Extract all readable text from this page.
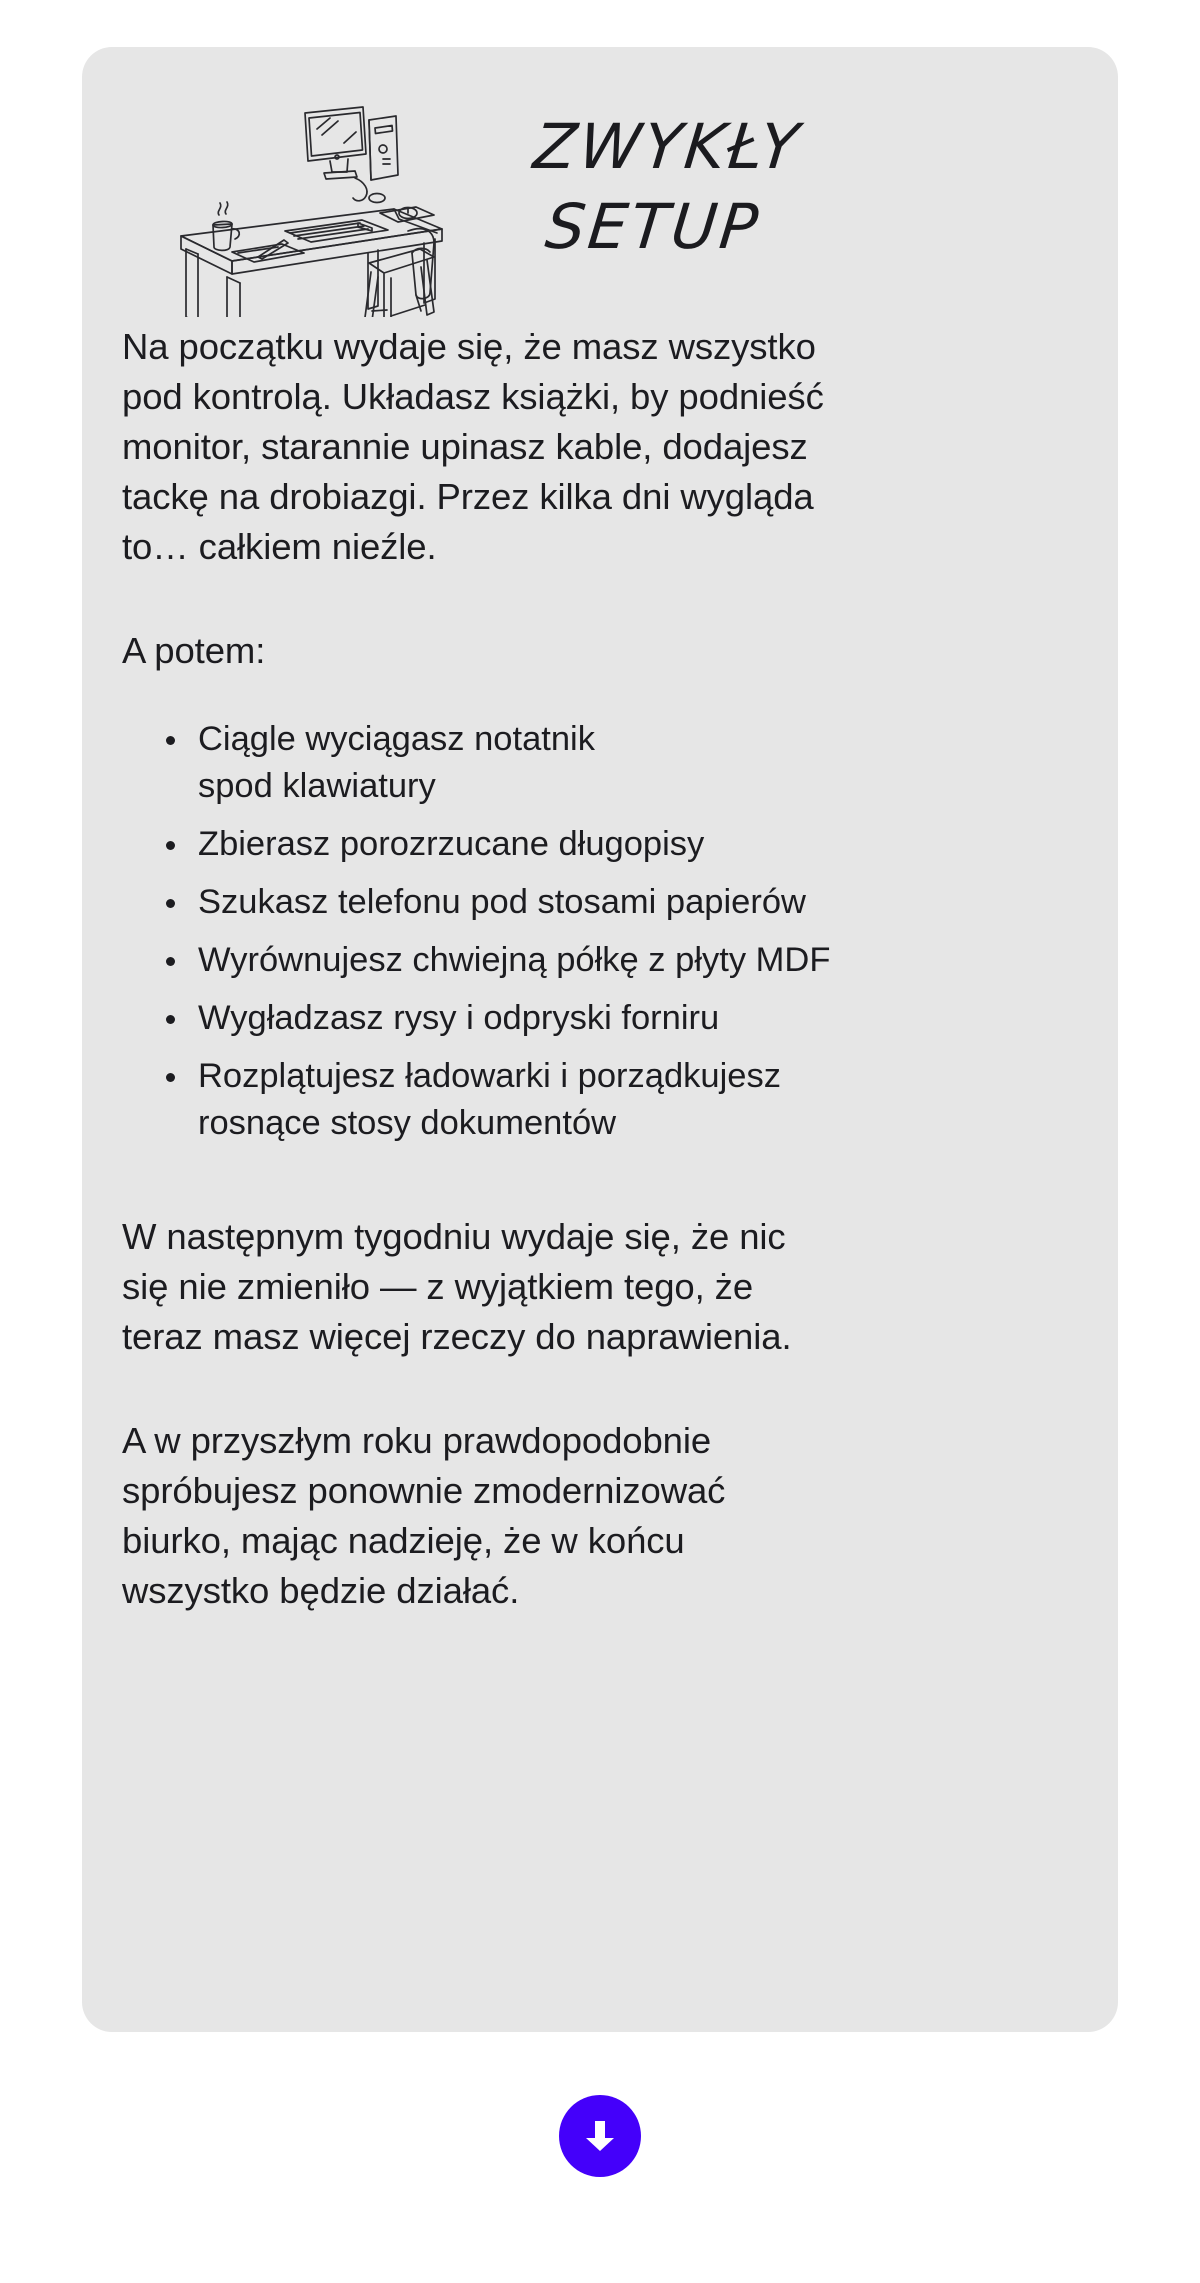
ZWYKŁY
SETUP

Na początku wydaje się, że masz wszystko
pod kontrolą. Układasz książki, by podnieść
monitor, starannie upinasz kable, dodajesz
tackę na drobiazgi. Przez kilka dni wygląda
to… całkiem nieźle.

A potem:

Ciągle wyciągasz notatnik
spod klawiatury
Zbierasz porozrzucane długopisy
Szukasz telefonu pod stosami papierów
Wyrównujesz chwiejną półkę z płyty MDF
Wygładzasz rysy i odpryski forniru
Rozplątujesz ładowarki i porządkujesz
rosnące stosy dokumentów

W następnym tygodniu wydaje się, że nic
się nie zmieniło — z wyjątkiem tego, że
teraz masz więcej rzeczy do naprawienia.

A w przyszłym roku prawdopodobnie
spróbujesz ponownie zmodernizować
biurko, mając nadzieję, że w końcu
wszystko będzie działać.
